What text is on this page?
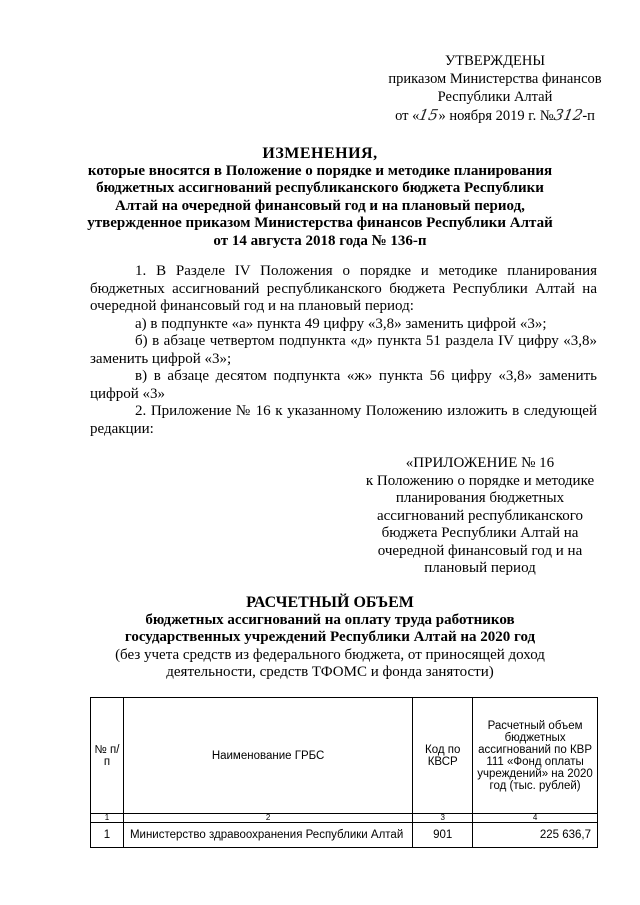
УТВЕРЖДЕНЫ
приказом Министерства финансов
Республики Алтай
от «15» ноября 2019 г. №312-п
ИЗМЕНЕНИЯ,
которые вносятся в Положение о порядке и методике планирования бюджетных ассигнований республиканского бюджета Республики Алтай на очередной финансовый год и на плановый период, утвержденное приказом Министерства финансов Республики Алтай от 14 августа 2018 года № 136-п

1. В Разделе IV Положения о порядке и методике планирования бюджетных ассигнований республиканского бюджета Республики Алтай на очередной финансовый год и на плановый период:

а) в подпункте «а» пункта 49 цифру «3,8» заменить цифрой «3»;

б) в абзаце четвертом подпункта «д» пункта 51 раздела IV цифру «3,8» заменить цифрой «3»;

в) в абзаце десятом подпункта «ж» пункта 56 цифру «3,8» заменить цифрой «3»

2. Приложение № 16 к указанному Положению изложить в следующей редакции:

«ПРИЛОЖЕНИЕ № 16
к Положению о порядке и методике планирования бюджетных ассигнований республиканского бюджета Республики Алтай на очередной финансовый год и на плановый период
РАСЧЕТНЫЙ ОБЪЕМ
бюджетных ассигнований на оплату труда работников
государственных учреждений Республики Алтай на 2020 год
(без учета средств из федерального бюджета, от приносящей доход деятельности, средств ТФОМС и фонда занятости)
№ п/п	Наименование ГРБС	Код по КВСР	Расчетный объем бюджетных ассигнований по КВР 111 «Фонд оплаты учреждений» на 2020 год (тыс. рублей)
1	2	3	4
1	Министерство здравоохранения Республики Алтай	901	225 636,7
